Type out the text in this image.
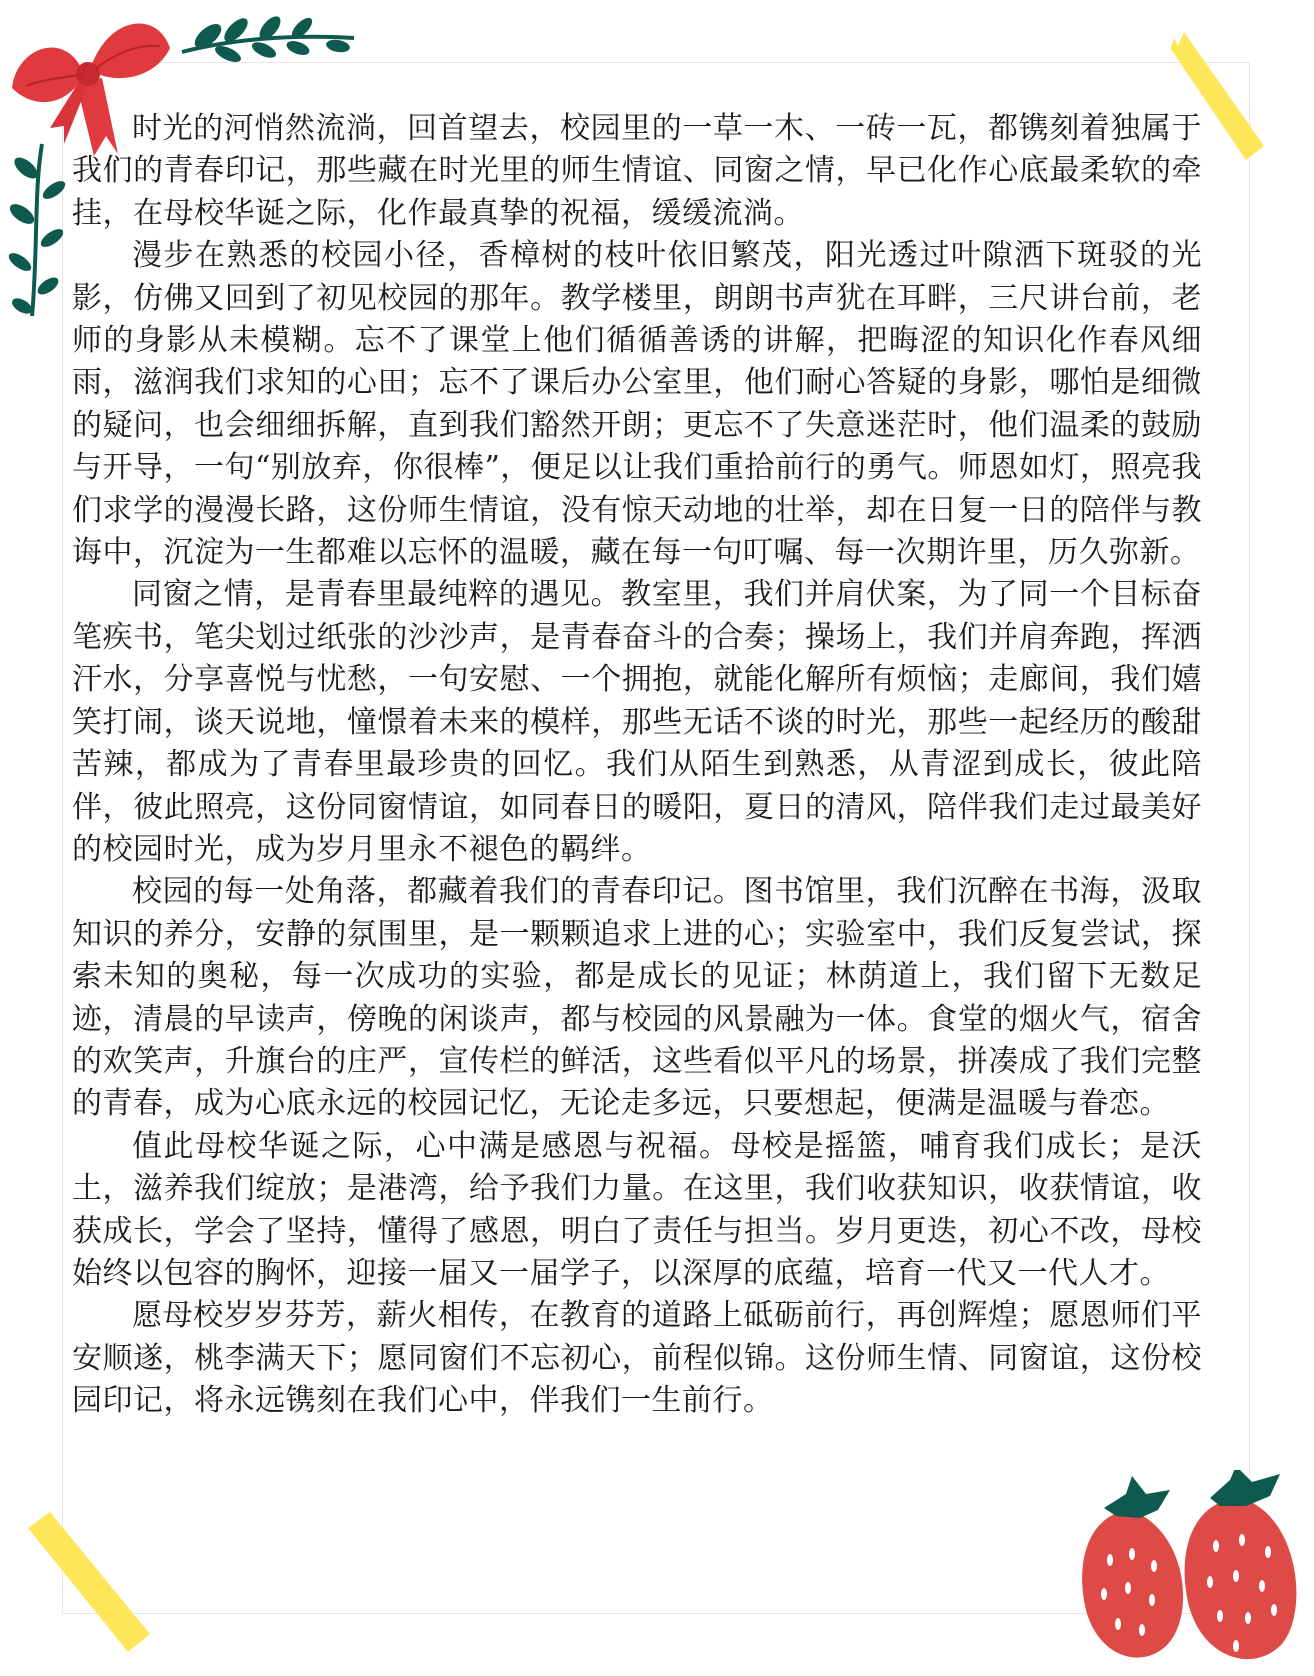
时光的河悄然流淌，回首望去，校园里的一草一木、一砖一瓦，都镌刻着独属于我们的青春印记，那些藏在时光里的师生情谊、同窗之情，早已化作心底最柔软的牵挂，在母校华诞之际，化作最真挚的祝福，缓缓流淌。

漫步在熟悉的校园小径，香樟树的枝叶依旧繁茂，阳光透过叶隙洒下斑驳的光影，仿佛又回到了初见校园的那年。教学楼里，朗朗书声犹在耳畔，三尺讲台前，老师的身影从未模糊。忘不了课堂上他们循循善诱的讲解，把晦涩的知识化作春风细雨，滋润我们求知的心田；忘不了课后办公室里，他们耐心答疑的身影，哪怕是细微的疑问，也会细细拆解，直到我们豁然开朗；更忘不了失意迷茫时，他们温柔的鼓励与开导，一句“别放弃，你很棒”，便足以让我们重拾前行的勇气。师恩如灯，照亮我们求学的漫漫长路，这份师生情谊，没有惊天动地的壮举，却在日复一日的陪伴与教诲中，沉淀为一生都难以忘怀的温暖，藏在每一句叮嘱、每一次期许里，历久弥新。

同窗之情，是青春里最纯粹的遇见。教室里，我们并肩伏案，为了同一个目标奋笔疾书，笔尖划过纸张的沙沙声，是青春奋斗的合奏；操场上，我们并肩奔跑，挥洒汗水，分享喜悦与忧愁，一句安慰、一个拥抱，就能化解所有烦恼；走廊间，我们嬉笑打闹，谈天说地，憧憬着未来的模样，那些无话不谈的时光，那些一起经历的酸甜苦辣，都成为了青春里最珍贵的回忆。我们从陌生到熟悉，从青涩到成长，彼此陪伴，彼此照亮，这份同窗情谊，如同春日的暖阳，夏日的清风，陪伴我们走过最美好的校园时光，成为岁月里永不褪色的羁绊。

校园的每一处角落，都藏着我们的青春印记。图书馆里，我们沉醉在书海，汲取知识的养分，安静的氛围里，是一颗颗追求上进的心；实验室中，我们反复尝试，探索未知的奥秘，每一次成功的实验，都是成长的见证；林荫道上，我们留下无数足迹，清晨的早读声，傍晚的闲谈声，都与校园的风景融为一体。食堂的烟火气，宿舍的欢笑声，升旗台的庄严，宣传栏的鲜活，这些看似平凡的场景，拼凑成了我们完整的青春，成为心底永远的校园记忆，无论走多远，只要想起，便满是温暖与眷恋。

值此母校华诞之际，心中满是感恩与祝福。母校是摇篮，哺育我们成长；是沃土，滋养我们绽放；是港湾，给予我们力量。在这里，我们收获知识，收获情谊，收获成长，学会了坚持，懂得了感恩，明白了责任与担当。岁月更迭，初心不改，母校始终以包容的胸怀，迎接一届又一届学子，以深厚的底蕴，培育一代又一代人才。

愿母校岁岁芬芳，薪火相传，在教育的道路上砥砺前行，再创辉煌；愿恩师们平安顺遂，桃李满天下；愿同窗们不忘初心，前程似锦。这份师生情、同窗谊，这份校园印记，将永远镌刻在我们心中，伴我们一生前行。
